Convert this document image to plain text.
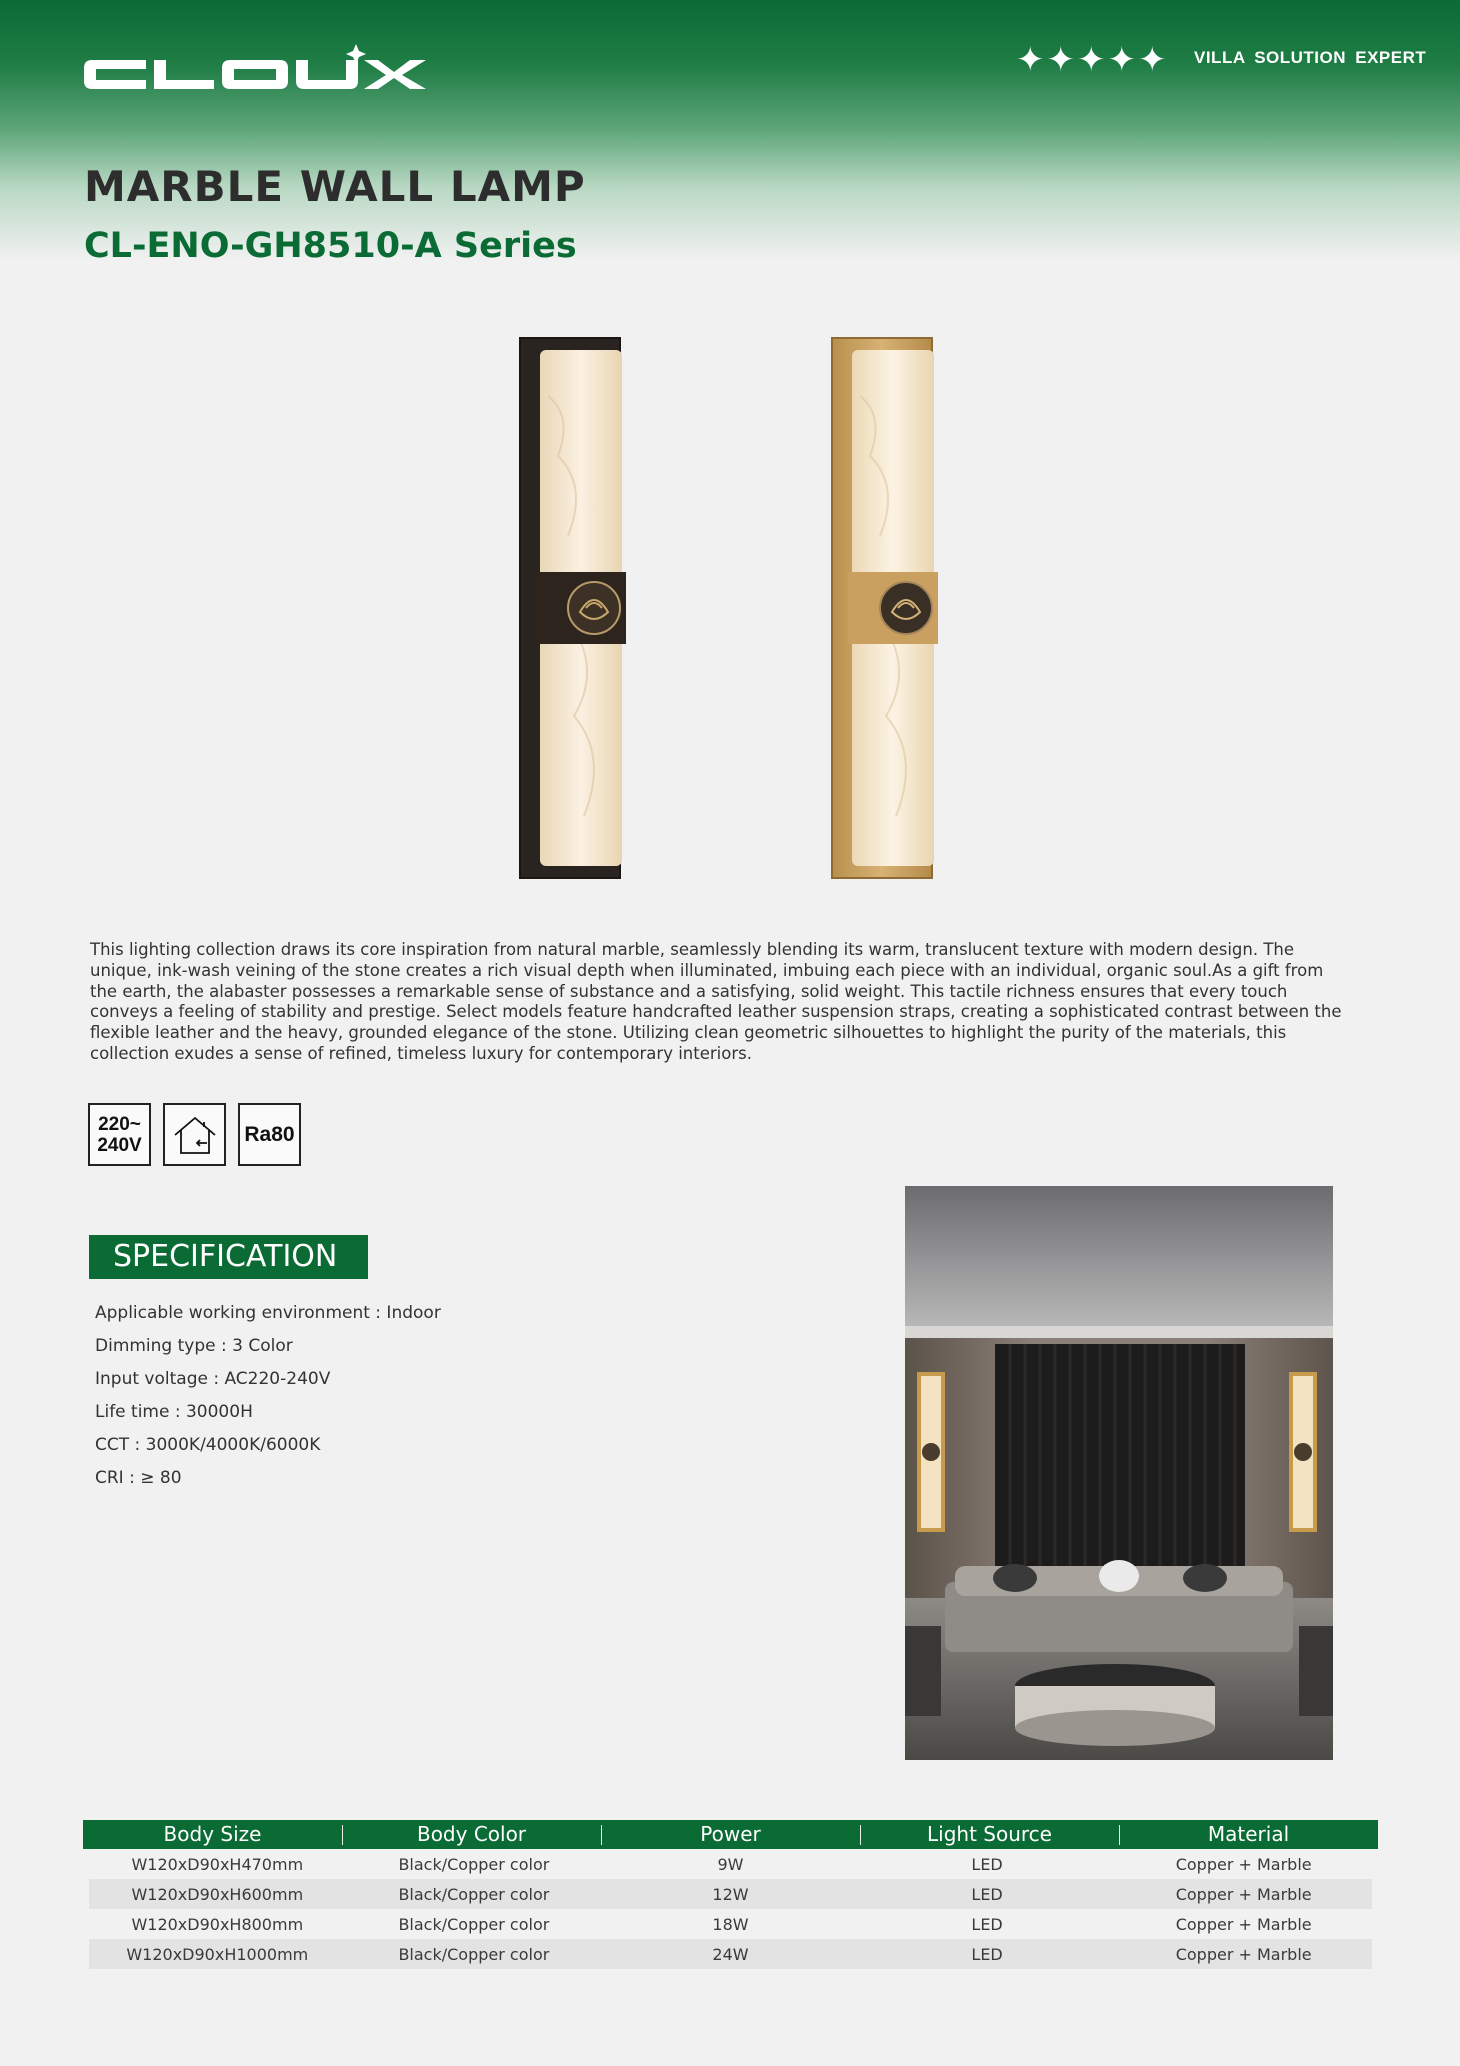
✦ ✦ ✦ ✦ ✦ VILLA SOLUTION EXPERT
MARBLE WALL LAMP
CL-ENO-GH8510-A Series

This lighting collection draws its core inspiration from natural marble, seamlessly blending its warm, translucent texture with modern design. The unique, ink-wash veining of the stone creates a rich visual depth when illuminated, imbuing each piece with an individual, organic soul.As a gift from the earth, the alabaster possesses a remarkable sense of substance and a satisfying, solid weight. This tactile richness ensures that every touch conveys a feeling of stability and prestige. Select models feature handcrafted leather suspension straps, creating a sophisticated contrast between the flexible leather and the heavy, grounded elegance of the stone. Utilizing clean geometric silhouettes to highlight the purity of the materials, this collection exudes a sense of refined, timeless luxury for contemporary interiors.

220~
240V	Ra80
SPECIFICATION
Applicable working environment : Indoor
Dimming type : 3 Color
Input voltage : AC220-240V
Life time : 30000H
CCT : 3000K/4000K/6000K
CRI : ≥ 80
Body Size	Body Color	Power	Light Source	Material
W120xD90xH470mm	Black/Copper color	9W	LED	Copper + Marble
W120xD90xH600mm	Black/Copper color	12W	LED	Copper + Marble
W120xD90xH800mm	Black/Copper color	18W	LED	Copper + Marble
W120xD90xH1000mm	Black/Copper color	24W	LED	Copper + Marble
